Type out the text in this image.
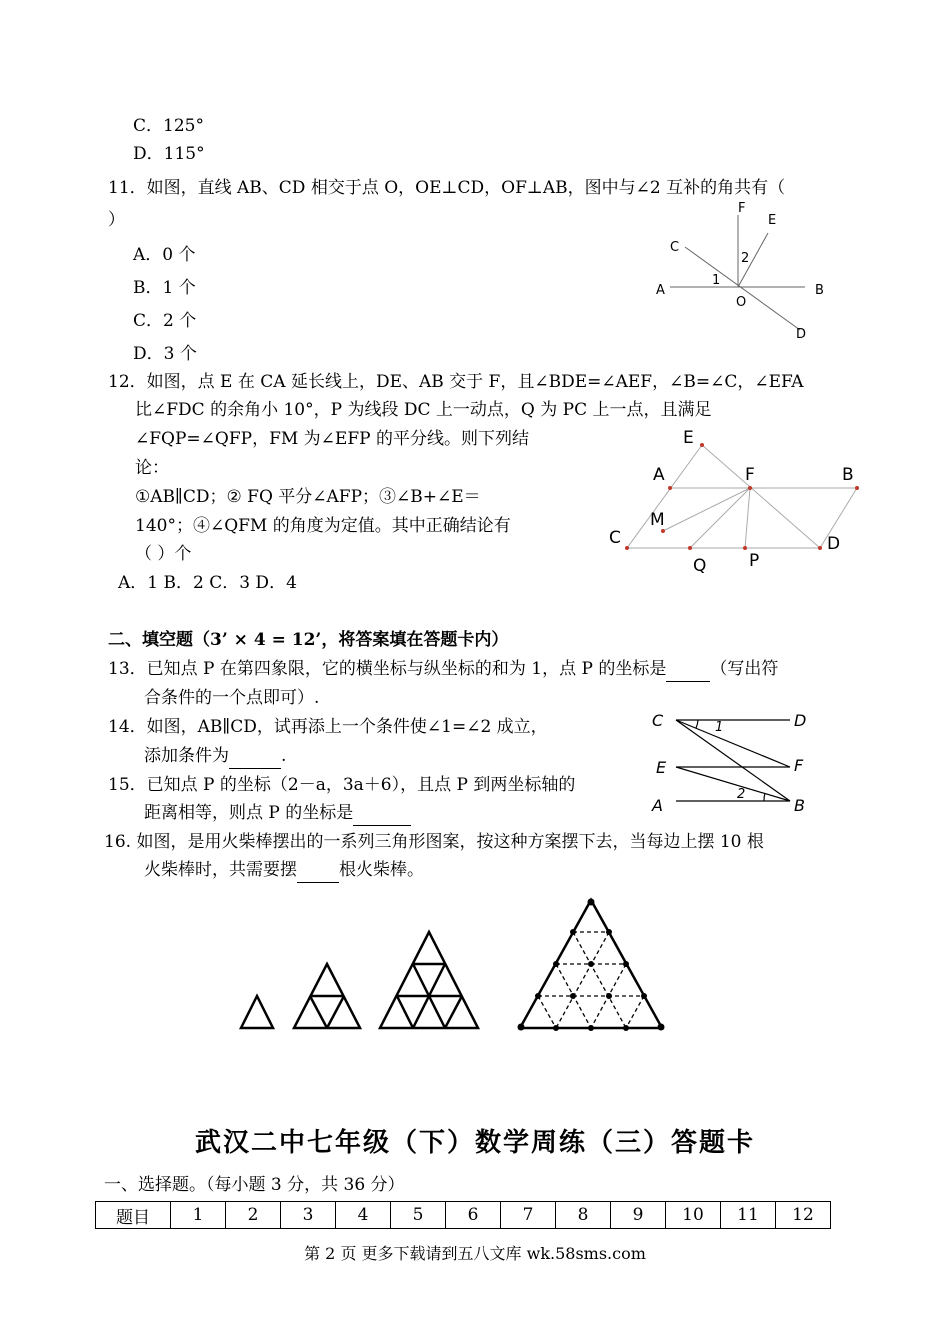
C．125°
D．115°
11．如图，直线 AB、CD 相交于点 O，OE⊥CD，OF⊥AB，图中与∠2 互补的角共有（
）
A．0 个
B．1 个
C．2 个
D．3 个
A	B
C
D
E
F
O
1
2
12．如图，点 E 在 CA 延长线上，DE、AB 交于 F，且∠BDE=∠AEF，∠B=∠C，∠EFA
比∠FDC 的余角小 10°，P 为线段 DC 上一动点，Q 为 PC 上一点，且满足
∠FQP=∠QFP，FM 为∠EFP 的平分线。则下列结
论：
①AB∥CD；② FQ 平分∠AFP；③∠B+∠E＝
140°；④∠QFM 的角度为定值。其中正确结论有
（ ）个
A．1 B．2 C．3 D．4
E
A	F	B
M
C	D
Q	P
二、填空题（3’ × 4 = 12’，将答案填在答题卡内）
13．已知点 P 在第四象限，它的横坐标与纵坐标的和为 1，点 P 的坐标是	（写出符
合条件的一个点即可）.
14．如图，AB∥CD，试再添上一个条件使∠1=∠2 成立，
添加条件为	.
C	D
E	F
A	B
1
2
15．已知点 P 的坐标（2－a，3a＋6），且点 P 到两坐标轴的
距离相等，则点 P 的坐标是
16. 如图，是用火柴棒摆出的一系列三角形图案，按这种方案摆下去，当每边上摆 10 根
火柴棒时，共需要摆 根火柴棒。
武汉二中七年级（下）数学周练（三）答题卡
一、选择题。（每小题 3 分，共 36 分）
题目	1	2	3	4	5	6	7	8	9	10	11	12
第 2 页 更多下载请到五八文库 wk.58sms.com
